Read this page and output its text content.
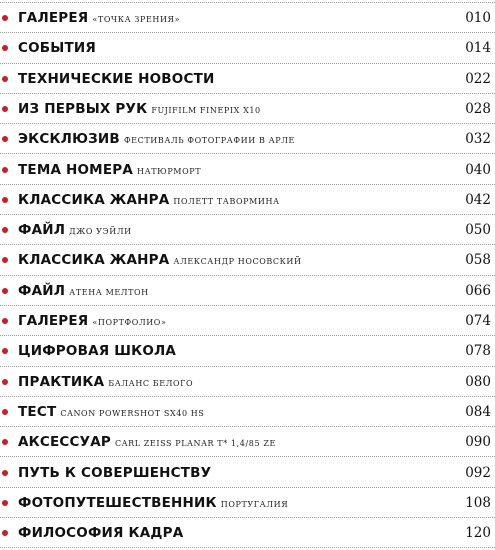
ГАЛЕРЕЯ «ТОЧКА ЗРЕНИЯ»	010
СОБЫТИЯ	014
ТЕХНИЧЕСКИЕ НОВОСТИ	022
ИЗ ПЕРВЫХ РУК FUJIFILM FINEPIX X10	028
ЭКСКЛЮЗИВ ФЕСТИВАЛЬ ФОТОГРАФИИ В АРЛЕ	032
ТЕМА НОМЕРА НАТЮРМОРТ	040
КЛАССИКА ЖАНРА ПОЛЕТТ ТАВОРМИНА	042
ФАЙЛ ДЖО УЭЙЛИ	050
КЛАССИКА ЖАНРА АЛЕКСАНДР НОСОВСКИЙ	058
ФАЙЛ АТЕНА МЕЛТОН	066
ГАЛЕРЕЯ «ПОРТФОЛИО»	074
ЦИФРОВАЯ ШКОЛА	078
ПРАКТИКА БАЛАНС БЕЛОГО	080
ТЕСТ CANON POWERSHOT SX40 HS	084
АКСЕССУАР CARL ZEISS PLANAR T* 1,4/85 ZE	090
ПУТЬ К СОВЕРШЕНСТВУ	092
ФОТОПУТЕШЕСТВЕННИК ПОРТУГАЛИЯ	108
ФИЛОСОФИЯ КАДРА	120
